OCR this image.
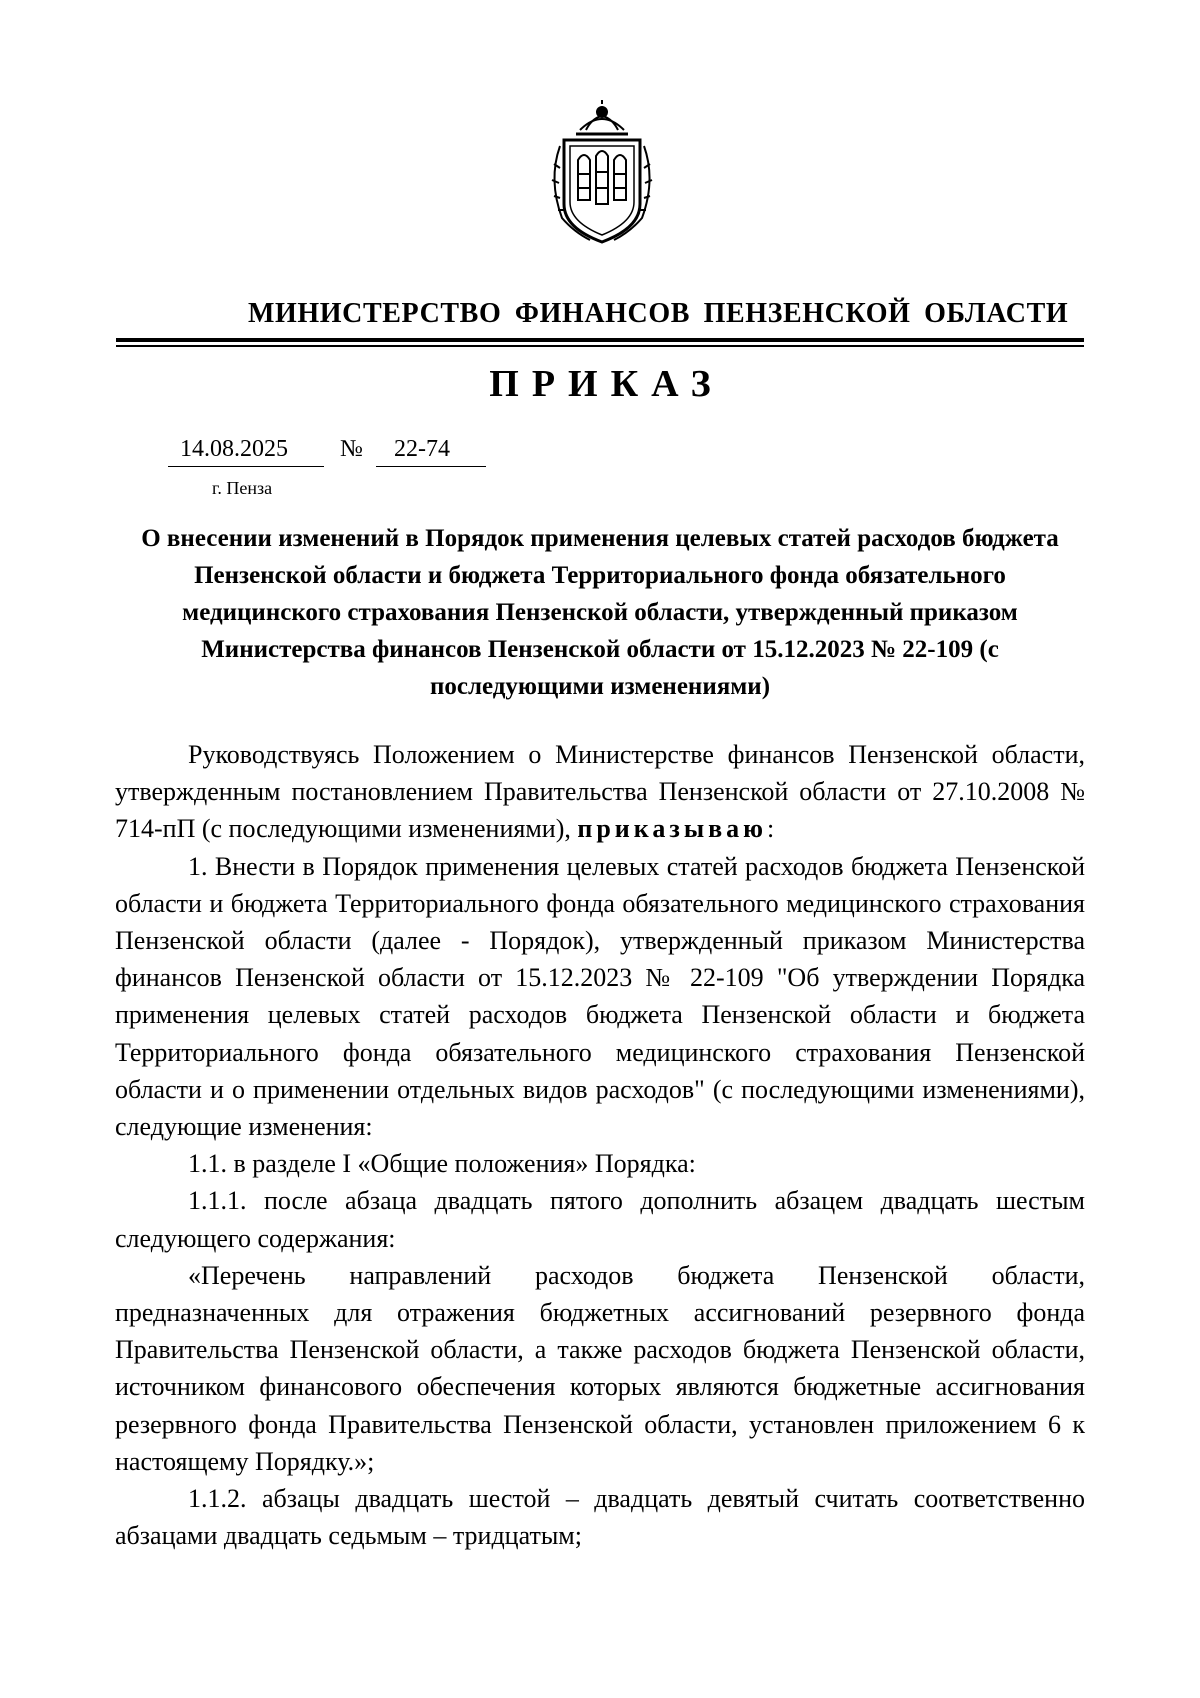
МИНИСТЕРСТВО ФИНАНСОВ ПЕНЗЕНСКОЙ ОБЛАСТИ
ПРИКАЗ
14.08.2025 № 22-74
г. Пенза
О внесении изменений в Порядок применения целевых статей расходов бюджета Пензенской области и бюджета Территориального фонда обязательного медицинского страхования Пензенской области, утвержденный приказом Министерства финансов Пензенской области от 15.12.2023 № 22-109 (с последующими изменениями)

Руководствуясь Положением о Министерстве финансов Пензенской области, утвержденным постановлением Правительства Пензенской области от 27.10.2008 № 714-пП (с последующими изменениями), приказываю:

1. Внести в Порядок применения целевых статей расходов бюджета Пензенской области и бюджета Территориального фонда обязательного медицинского страхования Пензенской области (далее - Порядок), утвержденный приказом Министерства финансов Пензенской области от 15.12.2023 № 22-109 "Об утверждении Порядка применения целевых статей расходов бюджета Пензенской области и бюджета Территориального фонда обязательного медицинского страхования Пензенской области и о применении отдельных видов расходов" (с последующими изменениями), следующие изменения:

1.1. в разделе I «Общие положения» Порядка:

1.1.1. после абзаца двадцать пятого дополнить абзацем двадцать шестым следующего содержания:

«Перечень направлений расходов бюджета Пензенской области, предназначенных для отражения бюджетных ассигнований резервного фонда Правительства Пензенской области, а также расходов бюджета Пензенской области, источником финансового обеспечения которых являются бюджетные ассигнования резервного фонда Правительства Пензенской области, установлен приложением 6 к настоящему Порядку.»;

1.1.2. абзацы двадцать шестой – двадцать девятый считать соответственно абзацами двадцать седьмым – тридцатым;
